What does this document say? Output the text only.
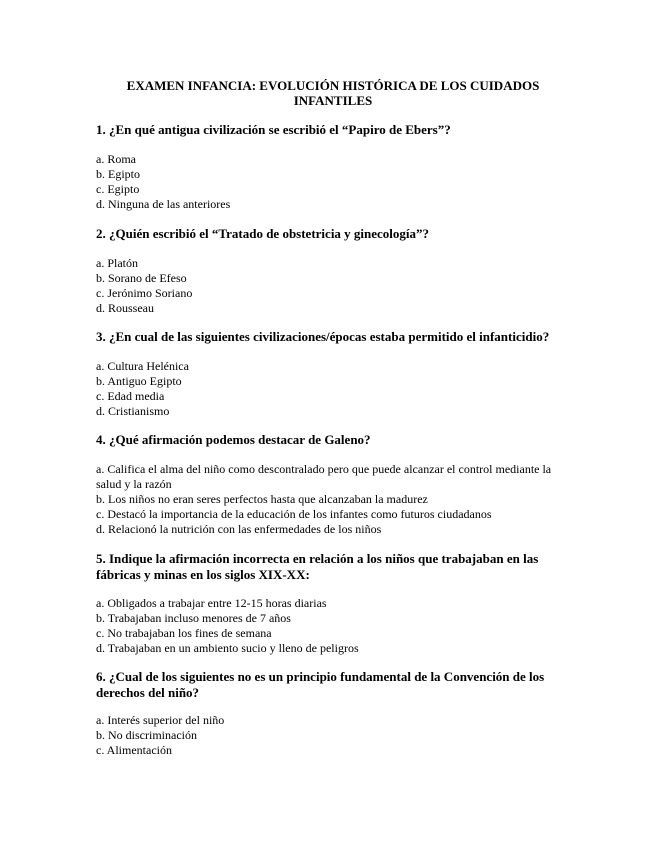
EXAMEN INFANCIA: EVOLUCIÓN HISTÓRICA DE LOS CUIDADOS INFANTILES
1. ¿En qué antigua civilización se escribió el “Papiro de Ebers”?
a. Roma
b. Egipto
c. Egipto
d. Ninguna de las anteriores
2. ¿Quién escribió el “Tratado de obstetricia y ginecología”?
a. Platón
b. Sorano de Efeso
c. Jerónimo Soriano
d. Rousseau
3. ¿En cual de las siguientes civilizaciones/épocas estaba permitido el infanticidio?
a. Cultura Helénica
b. Antiguo Egipto
c. Edad media
d. Cristianismo
4. ¿Qué afirmación podemos destacar de Galeno?
a. Califica el alma del niño como descontralado pero que puede alcanzar el control mediante la salud y la razón
b. Los niños no eran seres perfectos hasta que alcanzaban la madurez
c. Destacó la importancia de la educación de los infantes como futuros ciudadanos
d. Relacionó la nutrición con las enfermedades de los niños
5. Indique la afirmación incorrecta en relación a los niños que trabajaban en las fábricas y minas en los siglos XIX-XX:
a. Obligados a trabajar entre 12-15 horas diarias
b. Trabajaban incluso menores de 7 años
c. No trabajaban los fines de semana
d. Trabajaban en un ambiento sucio y lleno de peligros
6. ¿Cual de los siguientes no es un principio fundamental de la Convención de los derechos del niño?
a. Interés superior del niño
b. No discriminación
c. Alimentación
